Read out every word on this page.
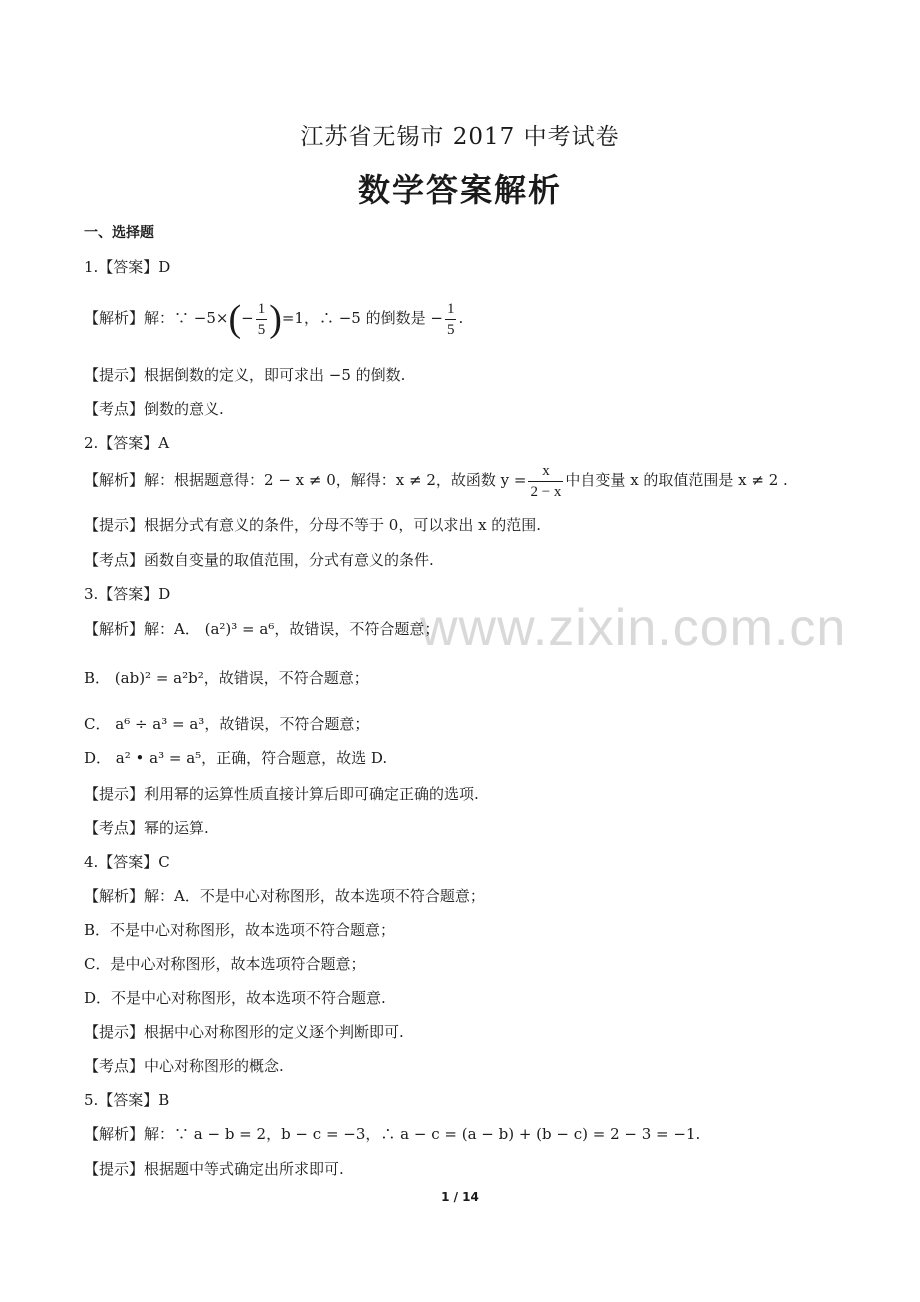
江苏省无锡市 2017 中考试卷
数学答案解析
www.zixin.com.cn
一、选择题
1.【答案】D
【解析】解：∵ $-5\times(- \frac{1}{5} )=1$，∴ −5 的倒数是 − $\frac{1}{5}$ .
【提示】根据倒数的定义，即可求出 −5 的倒数.
【考点】倒数的意义.
2.【答案】A
【解析】解：根据题意得：2 − x ≠ 0，解得：x ≠ 2，故函数 $y = \frac{x}{2 - x}$ 中自变量 x 的取值范围是 x ≠ 2 .
【提示】根据分式有意义的条件，分母不等于 0，可以求出 x 的范围.
【考点】函数自变量的取值范围，分式有意义的条件.
3.【答案】D
【解析】解：A． (a²)³ = a⁶，故错误，不符合题意；
B． (ab)² = a²b²，故错误，不符合题意；
C． a⁶ ÷ a³ = a³，故错误，不符合题意；
D． a² • a³ = a⁵，正确，符合题意，故选 D.
【提示】利用幂的运算性质直接计算后即可确定正确的选项.
【考点】幂的运算.
4.【答案】C
【解析】解：A．不是中心对称图形，故本选项不符合题意；
B．不是中心对称图形，故本选项不符合题意；
C．是中心对称图形，故本选项符合题意；
D．不是中心对称图形，故本选项不符合题意.
【提示】根据中心对称图形的定义逐个判断即可.
【考点】中心对称图形的概念.
5.【答案】B
【解析】解：∵ a − b = 2，b − c = −3，∴ a − c = (a − b) + (b − c) = 2 − 3 = −1.
【提示】根据题中等式确定出所求即可.
1 / 14
